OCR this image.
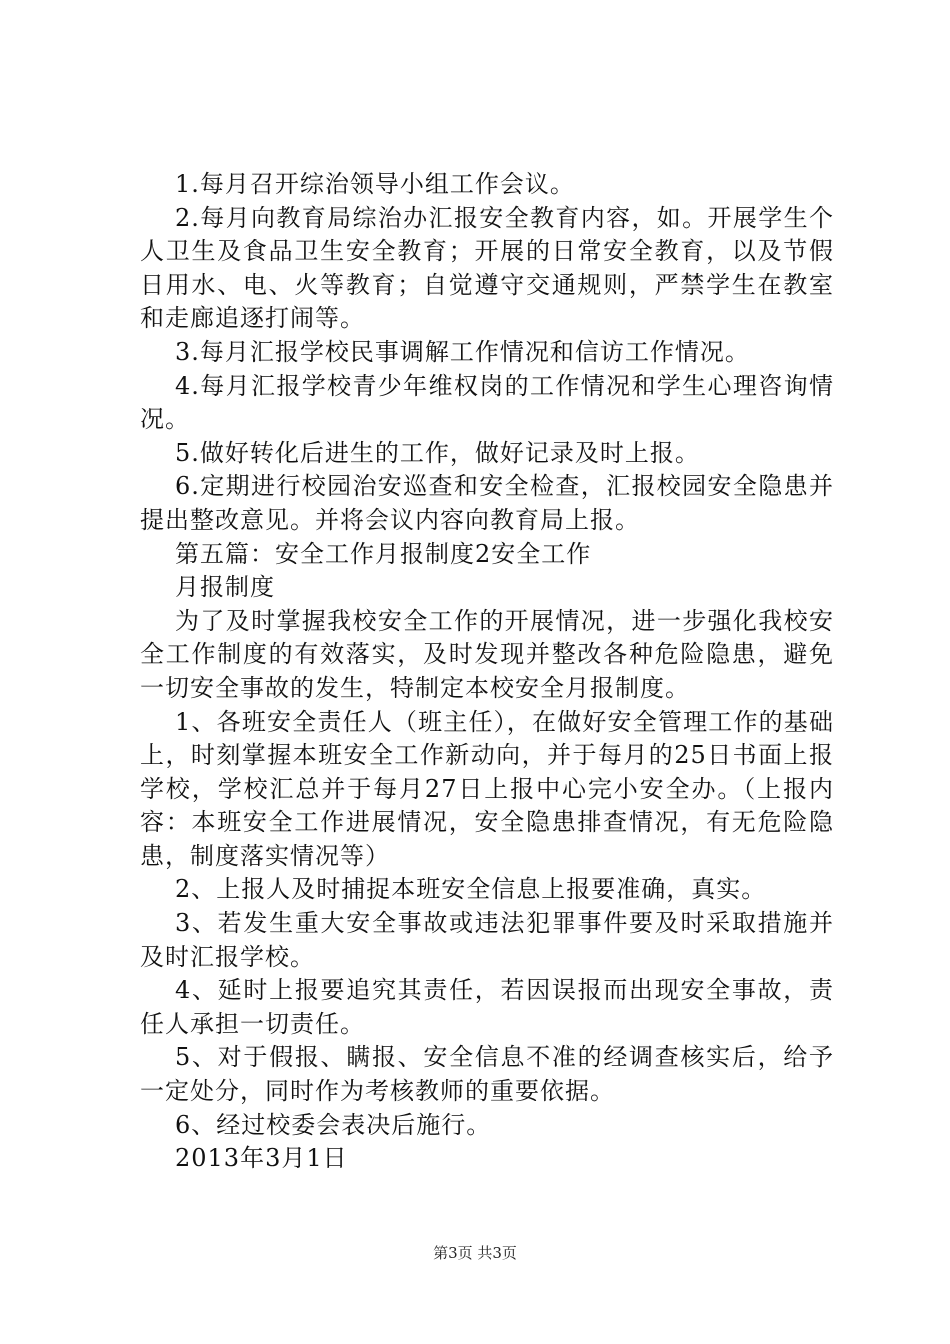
1.每月召开综治领导小组工作会议。

2.每月向教育局综治办汇报安全教育内容，如。开展学生个人卫生及食品卫生安全教育；开展的日常安全教育，以及节假日用水、电、火等教育；自觉遵守交通规则，严禁学生在教室和走廊追逐打闹等。

3.每月汇报学校民事调解工作情况和信访工作情况。

4.每月汇报学校青少年维权岗的工作情况和学生心理咨询情况。

5.做好转化后进生的工作，做好记录及时上报。

6.定期进行校园治安巡查和安全检查，汇报校园安全隐患并提出整改意见。并将会议内容向教育局上报。

第五篇：安全工作月报制度2安全工作

月报制度

为了及时掌握我校安全工作的开展情况，进一步强化我校安全工作制度的有效落实，及时发现并整改各种危险隐患，避免一切安全事故的发生，特制定本校安全月报制度。

1、各班安全责任人（班主任），在做好安全管理工作的基础上，时刻掌握本班安全工作新动向，并于每月的25日书面上报学校，学校汇总并于每月27日上报中心完小安全办。（上报内容：本班安全工作进展情况，安全隐患排查情况，有无危险隐患，制度落实情况等）

2、上报人及时捕捉本班安全信息上报要准确，真实。

3、若发生重大安全事故或违法犯罪事件要及时采取措施并及时汇报学校。

4、延时上报要追究其责任，若因误报而出现安全事故，责任人承担一切责任。

5、对于假报、瞒报、安全信息不准的经调查核实后，给予一定处分，同时作为考核教师的重要依据。

6、经过校委会表决后施行。

2013年3月1日

第3页 共3页
